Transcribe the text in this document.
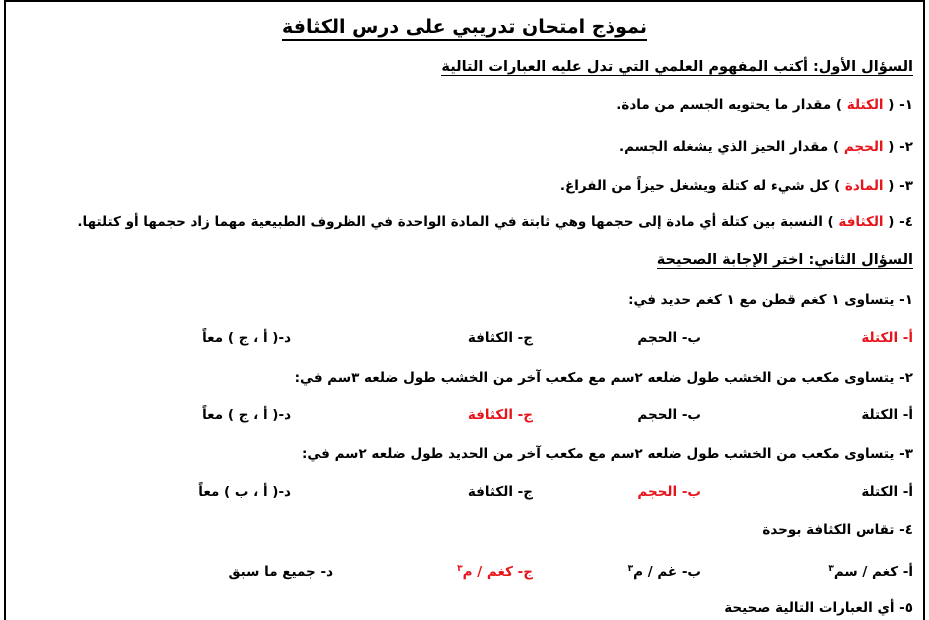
نموذج امتحان تدريبي على درس الكثافة
السؤال الأول: أكتب المفهوم العلمي التي تدل عليه العبارات التالية
١- ( الكتلة ) مقدار ما يحتويه الجسم من مادة.
٢- ( الحجم ) مقدار الحيز الذي يشغله الجسم.
٣- ( المادة ) كل شيء له كتلة ويشغل حيزاً من الفراغ.
٤- ( الكثافة ) النسبة بين كتلة أي مادة إلى حجمها وهي ثابتة في المادة الواحدة في الظروف الطبيعية مهما زاد حجمها أو كتلتها.
السؤال الثاني: اختر الإجابة الصحيحة
١- يتساوى ١ كغم قطن مع ١ كغم حديد في:
أ- الكتلة
ب- الحجم
ج- الكثافة
د-( أ ، ج ) معاً
٢- يتساوى مكعب من الخشب طول ضلعه ٢سم مع مكعب آخر من الخشب طول ضلعه ٣سم في:
أ- الكتلة
ب- الحجم
ج- الكثافة
د-( أ ، ج ) معاً
٣- يتساوى مكعب من الخشب طول ضلعه ٢سم مع مكعب آخر من الحديد طول ضلعه ٢سم في:
أ- الكتلة
ب- الحجم
ج- الكثافة
د-( أ ، ب ) معاً
٤- تقاس الكثافة بوحدة
أ- كغم / سم$^٣$
ب- غم / م$^٣$
ج- كغم / م$^٣$
د- جميع ما سبق
٥- أي العبارات التالية صحيحة
